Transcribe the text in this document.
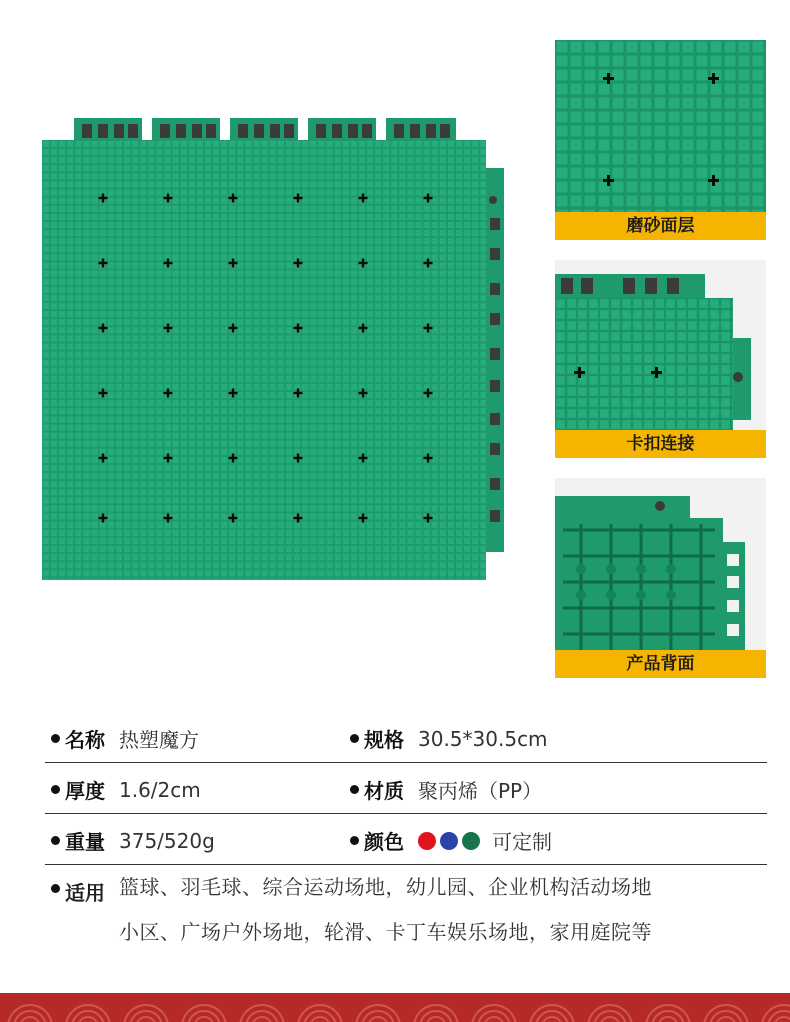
磨砂面层
卡扣连接
产品背面
名称 热塑魔方	规格 30.5*30.5cm
厚度 1.6/2cm	材质 聚丙烯（PP）
重量 375/520g	颜色	可定制
适用 篮球、羽毛球、综合运动场地，幼儿园、企业机构活动场地
小区、广场户外场地，轮滑、卡丁车娱乐场地，家用庭院等
